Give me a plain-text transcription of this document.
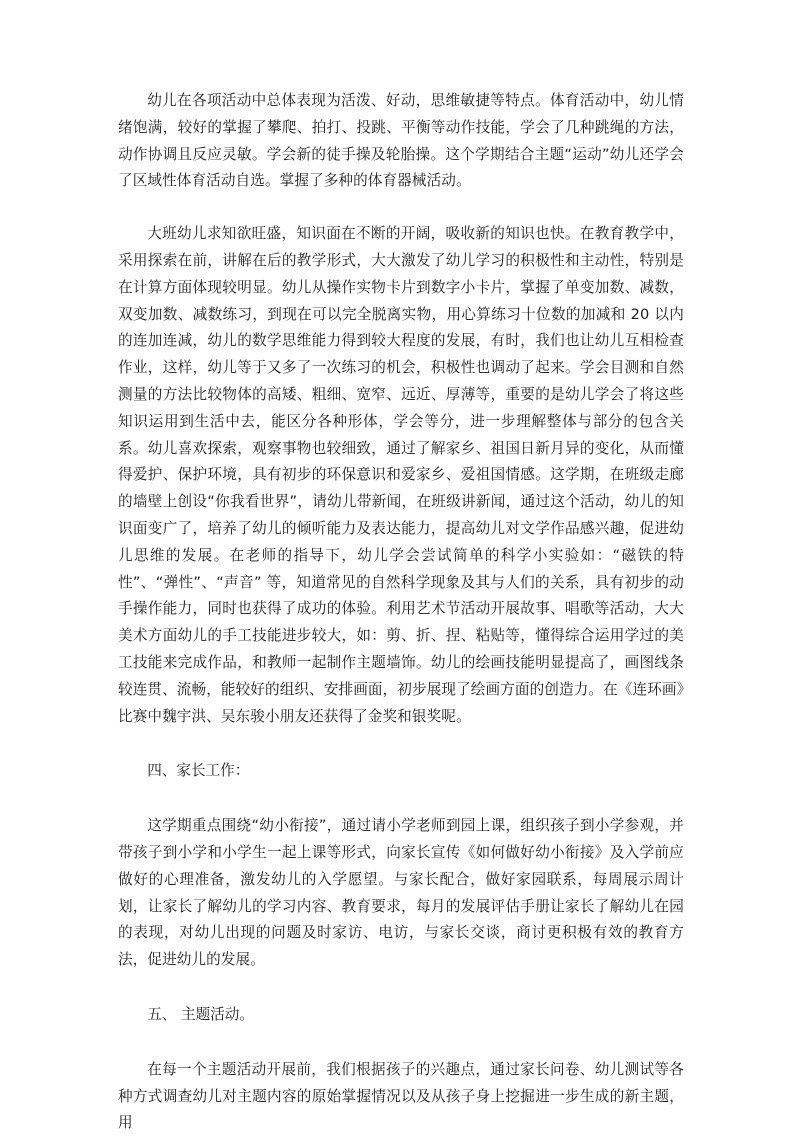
幼儿在各项活动中总体表现为活泼、好动，思维敏捷等特点。体育活动中，幼儿情绪饱满，较好的掌握了攀爬、拍打、投跳、平衡等动作技能，学会了几种跳绳的方法，动作协调且反应灵敏。学会新的徒手操及轮胎操。这个学期结合主题“运动”幼儿还学会了区域性体育活动自选。掌握了多种的体育器械活动。

大班幼儿求知欲旺盛，知识面在不断的开阔，吸收新的知识也快。在教育教学中，采用探索在前，讲解在后的教学形式，大大激发了幼儿学习的积极性和主动性，特别是在计算方面体现较明显。幼儿从操作实物卡片到数字小卡片，掌握了单变加数、减数，双变加数、减数练习，到现在可以完全脱离实物，用心算练习十位数的加减和 20 以内的连加连减，幼儿的数学思维能力得到较大程度的发展，有时，我们也让幼儿互相检查作业，这样，幼儿等于又多了一次练习的机会，积极性也调动了起来。学会目测和自然测量的方法比较物体的高矮、粗细、宽窄、远近、厚薄等，重要的是幼儿学会了将这些知识运用到生活中去，能区分各种形体，学会等分，进一步理解整体与部分的包含关系。幼儿喜欢探索，观察事物也较细致，通过了解家乡、祖国日新月异的变化，从而懂得爱护、保护环境，具有初步的环保意识和爱家乡、爱祖国情感。这学期，在班级走廊的墙壁上创设“你我看世界”，请幼儿带新闻，在班级讲新闻，通过这个活动，幼儿的知识面变广了，培养了幼儿的倾听能力及表达能力，提高幼儿对文学作品感兴趣，促进幼儿思维的发展。在老师的指导下，幼儿学会尝试简单的科学小实验如：“磁铁的特性”、“弹性”、“声音” 等，知道常见的自然科学现象及其与人们的关系，具有初步的动手操作能力，同时也获得了成功的体验。利用艺术节活动开展故事、唱歌等活动，大大美术方面幼儿的手工技能进步较大，如：剪、折、捏、粘贴等，懂得综合运用学过的美工技能来完成作品，和教师一起制作主题墙饰。幼儿的绘画技能明显提高了，画图线条较连贯、流畅，能较好的组织、安排画面，初步展现了绘画方面的创造力。在《连环画》比赛中魏宇洪、吴东骏小朋友还获得了金奖和银奖呢。

四、家长工作：

这学期重点围绕“幼小衔接”，通过请小学老师到园上课，组织孩子到小学参观，并带孩子到小学和小学生一起上课等形式，向家长宣传《如何做好幼小衔接》及入学前应做好的心理准备，激发幼儿的入学愿望。与家长配合，做好家园联系，每周展示周计划，让家长了解幼儿的学习内容、教育要求，每月的发展评估手册让家长了解幼儿在园的表现，对幼儿出现的问题及时家访、电访，与家长交谈，商讨更积极有效的教育方法，促进幼儿的发展。

五、 主题活动。

在每一个主题活动开展前，我们根据孩子的兴趣点，通过家长问卷、幼儿测试等各种方式调查幼儿对主题内容的原始掌握情况以及从孩子身上挖掘进一步生成的新主题，用
